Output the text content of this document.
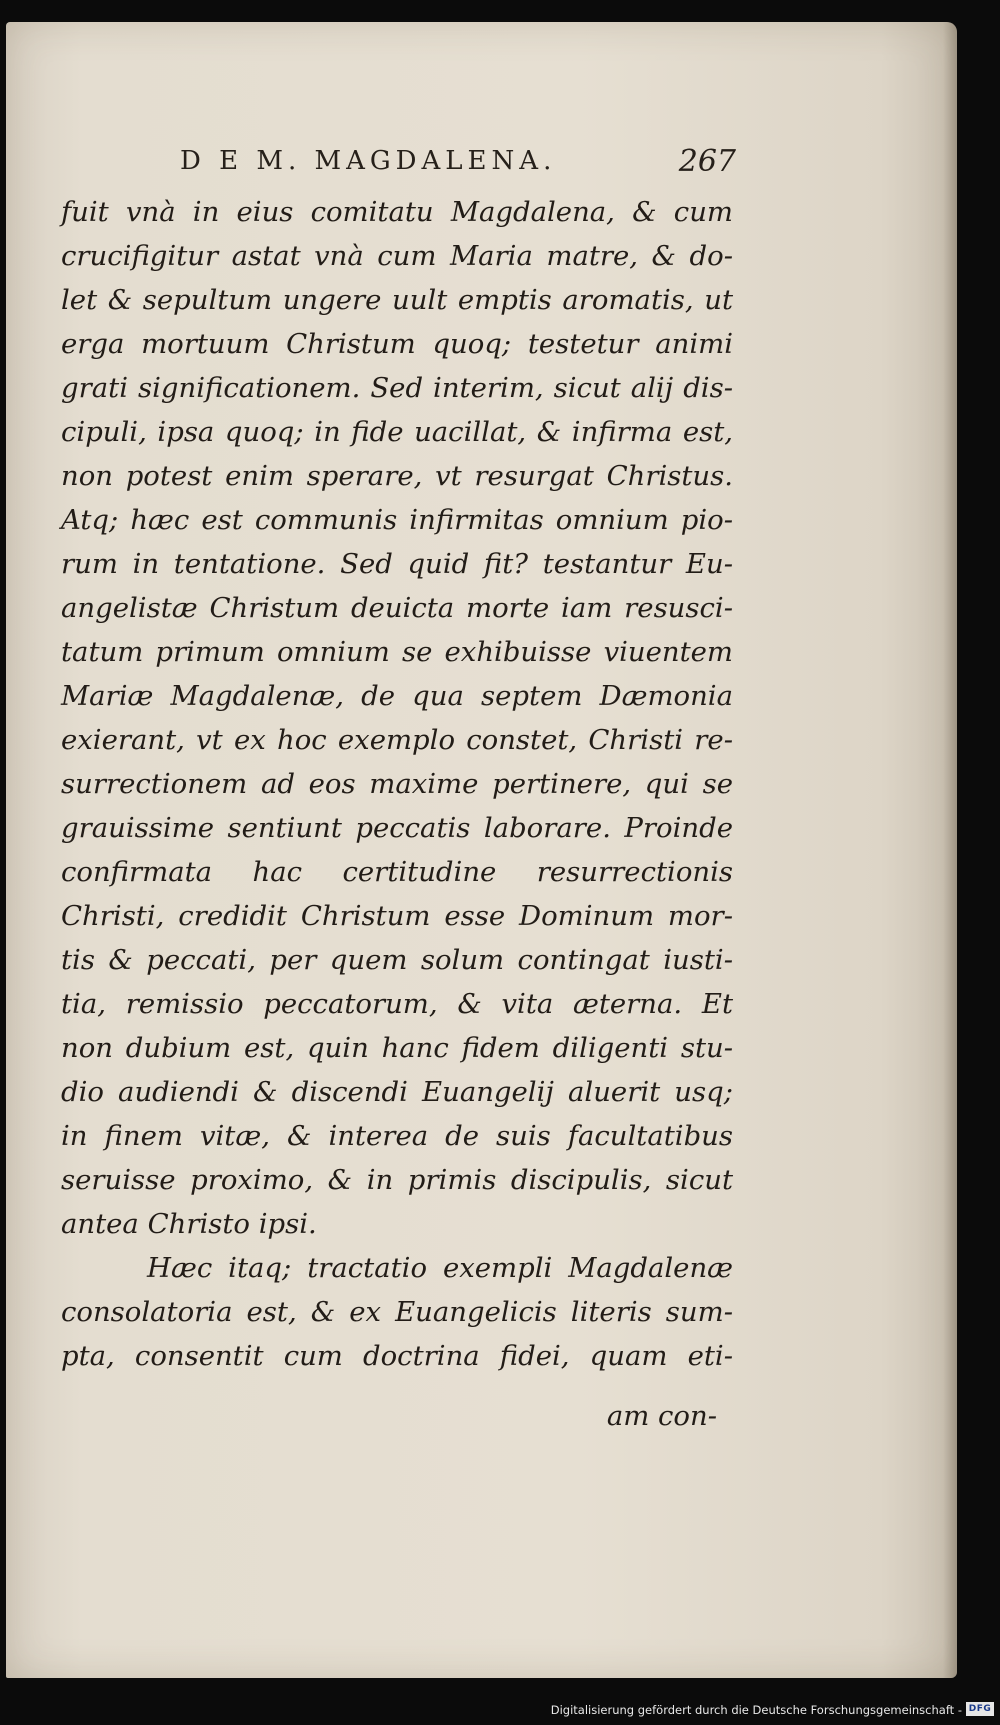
D E M. MAGDALENA.	267
fuit vnà in eius comitatu Magdalena, & cum
crucifigitur astat vnà cum Maria matre, & do-
let & sepultum ungere uult emptis aromatis, ut
erga mortuum Christum quoq; testetur animi
grati significationem. Sed interim, sicut alij dis-
cipuli, ipsa quoq; in fide uacillat, & infirma est,
non potest enim sperare, vt resurgat Christus.
Atq; hæc est communis infirmitas omnium pio-
rum in tentatione. Sed quid fit? testantur Eu-
angelistæ Christum deuicta morte iam resusci-
tatum primum omnium se exhibuisse viuentem
Mariæ Magdalenæ, de qua septem Dæmonia
exierant, vt ex hoc exemplo constet, Christi re-
surrectionem ad eos maxime pertinere, qui se
grauissime sentiunt peccatis laborare. Proinde
confirmata hac certitudine resurrectionis
Christi, credidit Christum esse Dominum mor-
tis & peccati, per quem solum contingat iusti-
tia, remissio peccatorum, & vita æterna. Et
non dubium est, quin hanc fidem diligenti stu-
dio audiendi & discendi Euangelij aluerit usq;
in finem vitæ, & interea de suis facultatibus
seruisse proximo, & in primis discipulis, sicut
antea Christo ipsi.
Hæc itaq; tractatio exempli Magdalenæ
consolatoria est, & ex Euangelicis literis sum-
pta, consentit cum doctrina fidei, quam eti-
am con-
Digitalisierung gefördert durch die Deutsche Forschungsgemeinschaft - DFG
